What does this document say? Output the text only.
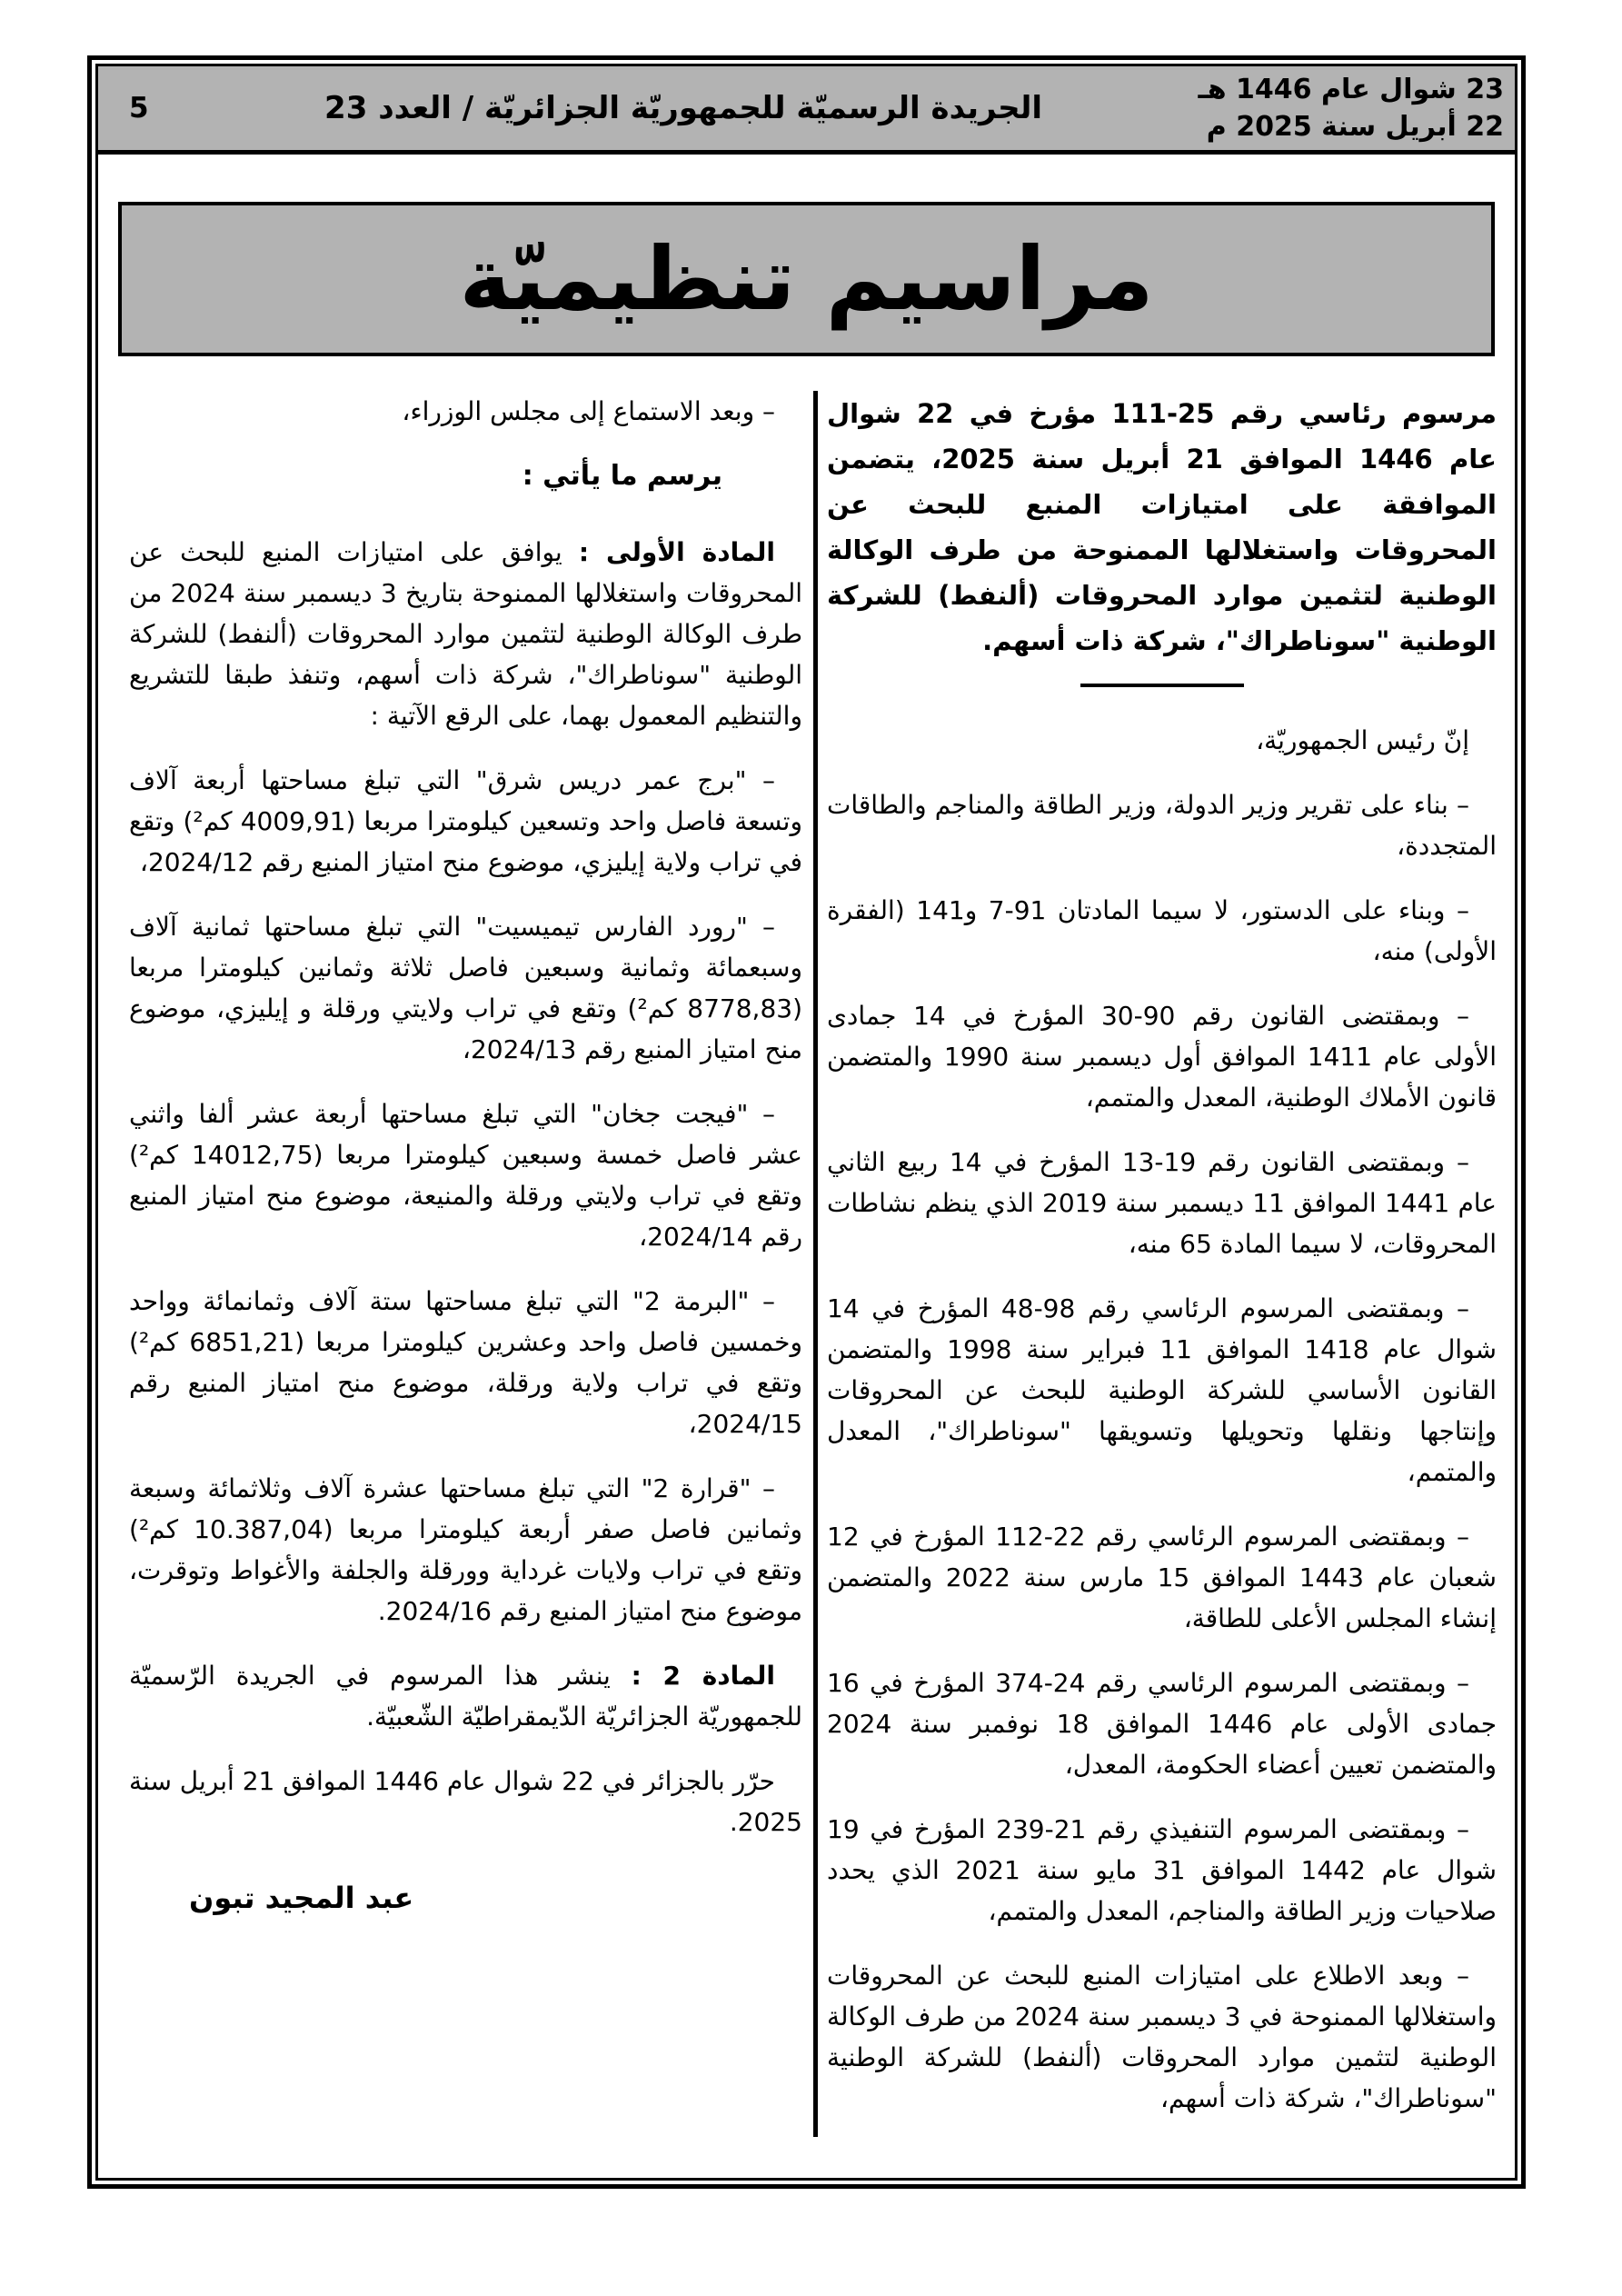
23 شوال عام 1446 هـ
22 أبريل سنة 2025 م
الجريدة الرسميّة للجمهوريّة الجزائريّة / العدد 23
5
مراسيم تنظيميّة

مرسوم رئاسي رقم 25-111 مؤرخ في 22 شوال عام 1446 الموافق 21 أبريل سنة 2025، يتضمن الموافقة على امتيازات المنبع للبحث عن المحروقات واستغلالها الممنوحة من طرف الوكالة الوطنية لتثمين موارد المحروقات (ألنفط) للشركة الوطنية "سوناطراك"، شركة ذات أسهم.

إنّ رئيس الجمهوريّة،

– بناء على تقرير وزير الدولة، وزير الطاقة والمناجم والطاقات المتجددة،

– وبناء على الدستور، لا سيما المادتان 91-7 و141 (الفقرة الأولى) منه،

– وبمقتضى القانون رقم 90-30 المؤرخ في 14 جمادى الأولى عام 1411 الموافق أول ديسمبر سنة 1990 والمتضمن قانون الأملاك الوطنية، المعدل والمتمم،

– وبمقتضى القانون رقم 19-13 المؤرخ في 14 ربيع الثاني عام 1441 الموافق 11 ديسمبر سنة 2019 الذي ينظم نشاطات المحروقات، لا سيما المادة 65 منه،

– وبمقتضى المرسوم الرئاسي رقم 98-48 المؤرخ في 14 شوال عام 1418 الموافق 11 فبراير سنة 1998 والمتضمن القانون الأساسي للشركة الوطنية للبحث عن المحروقات وإنتاجها ونقلها وتحويلها وتسويقها "سوناطراك"، المعدل والمتمم،

– وبمقتضى المرسوم الرئاسي رقم 22-112 المؤرخ في 12 شعبان عام 1443 الموافق 15 مارس سنة 2022 والمتضمن إنشاء المجلس الأعلى للطاقة،

– وبمقتضى المرسوم الرئاسي رقم 24-374 المؤرخ في 16 جمادى الأولى عام 1446 الموافق 18 نوفمبر سنة 2024 والمتضمن تعيين أعضاء الحكومة، المعدل،

– وبمقتضى المرسوم التنفيذي رقم 21-239 المؤرخ في 19 شوال عام 1442 الموافق 31 مايو سنة 2021 الذي يحدد صلاحيات وزير الطاقة والمناجم، المعدل والمتمم،

– وبعد الاطلاع على امتيازات المنبع للبحث عن المحروقات واستغلالها الممنوحة في 3 ديسمبر سنة 2024 من طرف الوكالة الوطنية لتثمين موارد المحروقات (ألنفط) للشركة الوطنية "سوناطراك"، شركة ذات أسهم،

– وبعد الاستماع إلى مجلس الوزراء،

يرسم ما يأتي :

المادة الأولى : يوافق على امتيازات المنبع للبحث عن المحروقات واستغلالها الممنوحة بتاريخ 3 ديسمبر سنة 2024 من طرف الوكالة الوطنية لتثمين موارد المحروقات (ألنفط) للشركة الوطنية "سوناطراك"، شركة ذات أسهم، وتنفذ طبقا للتشريع والتنظيم المعمول بهما، على الرقع الآتية :

– "برج عمر دريس شرق" التي تبلغ مساحتها أربعة آلاف وتسعة فاصل واحد وتسعين كيلومترا مربعا (4009,91 كم²) وتقع في تراب ولاية إيليزي، موضوع منح امتياز المنبع رقم 2024/12،

– "رورد الفارس تيميسيت" التي تبلغ مساحتها ثمانية آلاف وسبعمائة وثمانية وسبعين فاصل ثلاثة وثمانين كيلومترا مربعا (8778,83 كم²) وتقع في تراب ولايتي ورقلة و إيليزي، موضوع منح امتياز المنبع رقم 2024/13،

– "فيجت جخان" التي تبلغ مساحتها أربعة عشر ألفا واثني عشر فاصل خمسة وسبعين كيلومترا مربعا (14012,75 كم²) وتقع في تراب ولايتي ورقلة والمنيعة، موضوع منح امتياز المنبع رقم 2024/14،

– "البرمة 2" التي تبلغ مساحتها ستة آلاف وثمانمائة وواحد وخمسين فاصل واحد وعشرين كيلومترا مربعا (6851,21 كم²) وتقع في تراب ولاية ورقلة، موضوع منح امتياز المنبع رقم 2024/15،

– "قرارة 2" التي تبلغ مساحتها عشرة آلاف وثلاثمائة وسبعة وثمانين فاصل صفر أربعة كيلومترا مربعا (10.387,04 كم²) وتقع في تراب ولايات غرداية وورقلة والجلفة والأغواط وتوقرت، موضوع منح امتياز المنبع رقم 2024/16.

المادة 2 : ينشر هذا المرسوم في الجريدة الرّسميّة للجمهوريّة الجزائريّة الدّيمقراطيّة الشّعبيّة.

حرّر بالجزائر في 22 شوال عام 1446 الموافق 21 أبريل سنة 2025.

عبد المجيد تبون
